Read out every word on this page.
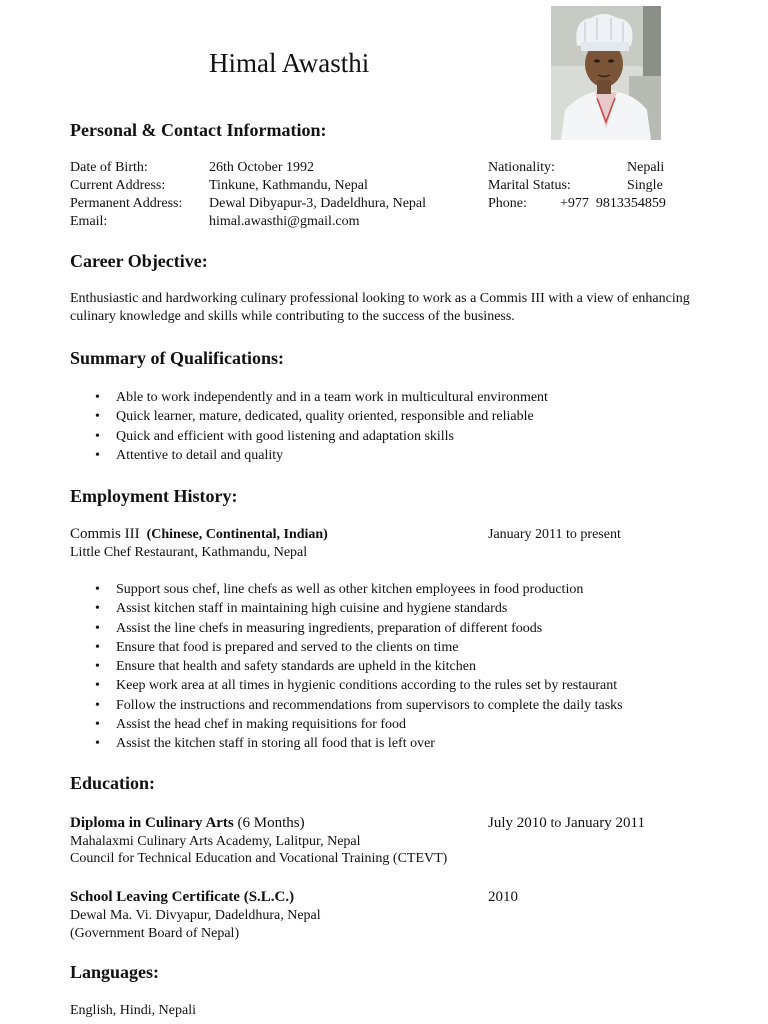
Himal Awasthi
Personal & Contact Information:
Date of Birth:	26th October 1992
Current Address:	Tinkune, Kathmandu, Nepal
Permanent Address: Dewal Dibyapur-3, Dadeldhura, Nepal
Email:	himal.awasthi@gmail.com
Nationality:	Nepali
Marital Status:	Single
Phone: +977  9813354859
Career Objective:
Enthusiastic and hardworking culinary professional looking to work as a Commis III with a view of enhancing culinary knowledge and skills while contributing to the success of the business.
Summary of Qualifications:
• Able to work independently and in a team work in multicultural environment
• Quick learner, mature, dedicated, quality oriented, responsible and reliable
• Quick and efficient with good listening and adaptation skills
• Attentive to detail and quality
Employment History:
Commis III (Chinese, Continental, Indian)	January 2011 to present
Little Chef Restaurant, Kathmandu, Nepal
• Support sous chef, line chefs as well as other kitchen employees in food production
• Assist kitchen staff in maintaining high cuisine and hygiene standards
• Assist the line chefs in measuring ingredients, preparation of different foods
• Ensure that food is prepared and served to the clients on time
• Ensure that health and safety standards are upheld in the kitchen
• Keep work area at all times in hygienic conditions according to the rules set by restaurant
• Follow the instructions and recommendations from supervisors to complete the daily tasks
• Assist the head chef in making requisitions for food
• Assist the kitchen staff in storing all food that is left over
Education:
Diploma in Culinary Arts (6 Months)	July 2010 to January 2011
Mahalaxmi Culinary Arts Academy, Lalitpur, Nepal
Council for Technical Education and Vocational Training (CTEVT)
School Leaving Certificate (S.L.C.)	2010
Dewal Ma. Vi. Divyapur, Dadeldhura, Nepal
(Government Board of Nepal)
Languages:
English, Hindi, Nepali
